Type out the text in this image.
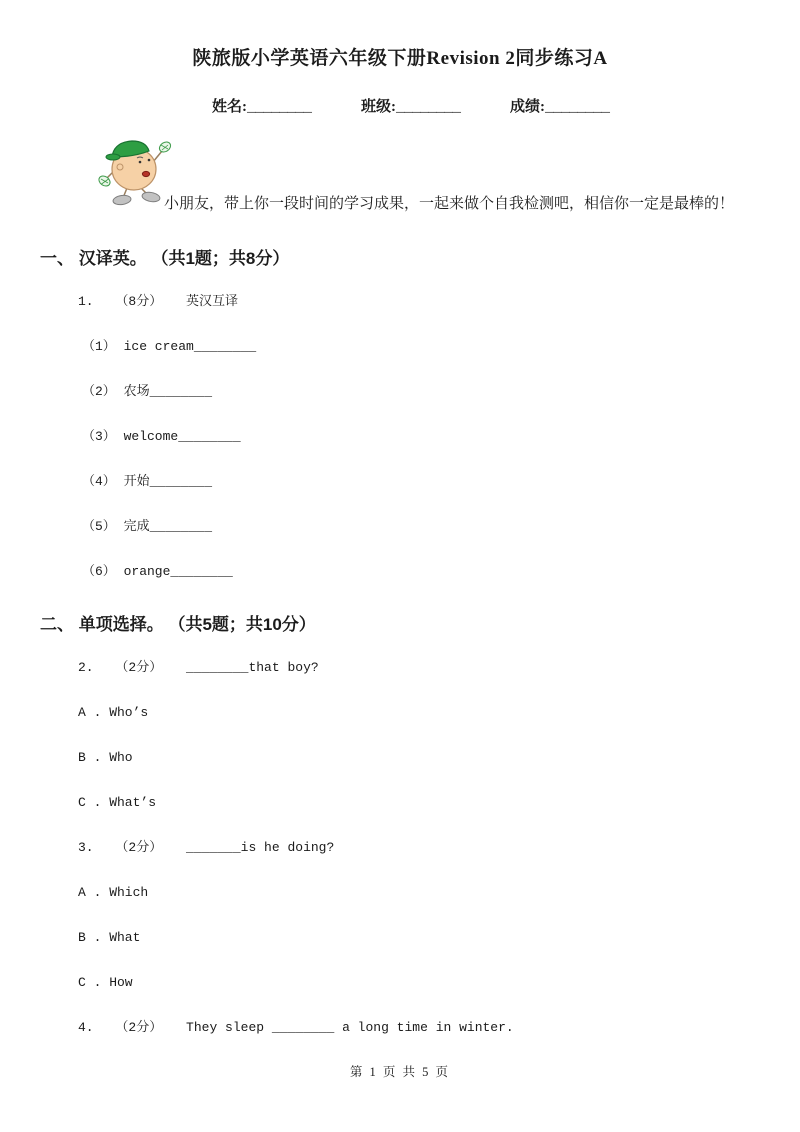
陕旅版小学英语六年级下册Revision 2同步练习A
姓名:________	班级:________	成绩:________
小朋友，带上你一段时间的学习成果，一起来做个自我检测吧，相信你一定是最棒的！
一、 汉译英。 （共1题；共8分）
1. （8分） 英汉互译
（1） ice cream________
（2） 农场________
（3） welcome________
（4） 开始________
（5） 完成________
（6） orange________
二、 单项选择。 （共5题；共10分）
2. （2分） ________that boy?
A . Who’s
B . Who
C . What’s
3. （2分） _______is he doing?
A . Which
B . What
C . How
4. （2分） They sleep ________ a long time in winter.
第 1 页 共 5 页
